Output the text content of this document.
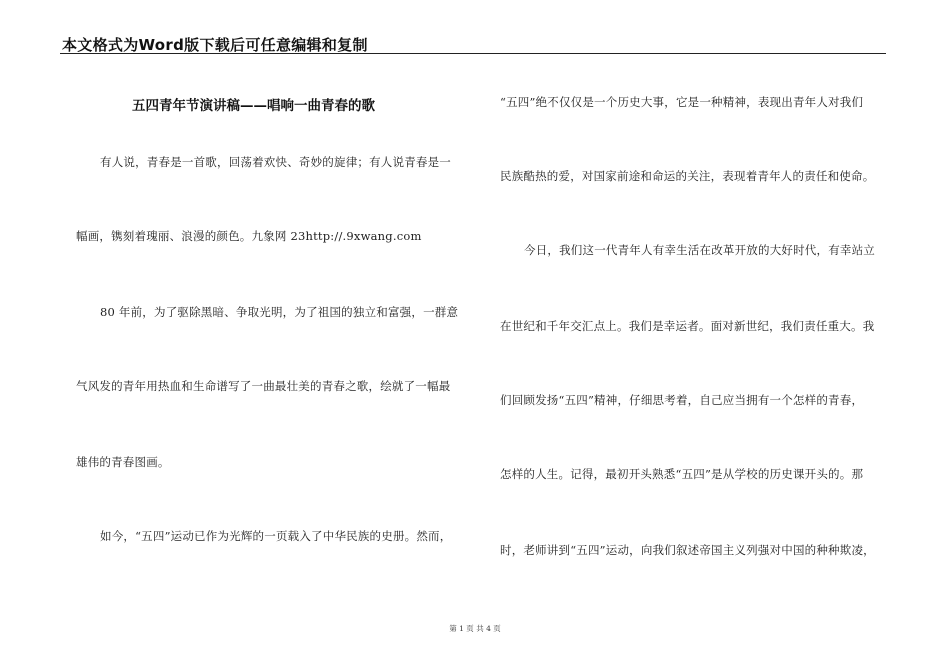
本文格式为Word版下载后可任意编辑和复制
五四青年节演讲稿——唱响一曲青春的歌
有人说，青春是一首歌，回荡着欢快、奇妙的旋律；有人说青春是一
幅画，镌刻着瑰丽、浪漫的颜色。九象网 23http://.9xwang.com
80 年前，为了驱除黑暗、争取光明，为了祖国的独立和富强，一群意
气风发的青年用热血和生命谱写了一曲最壮美的青春之歌，绘就了一幅最
雄伟的青春图画。
如今，“五四”运动已作为光辉的一页载入了中华民族的史册。然而，
“五四”绝不仅仅是一个历史大事，它是一种精神，表现出青年人对我们
民族酷热的爱，对国家前途和命运的关注，表现着青年人的责任和使命。
今日，我们这一代青年人有幸生活在改革开放的大好时代，有幸站立
在世纪和千年交汇点上。我们是幸运者。面对新世纪，我们责任重大。我
们回顾发扬“五四”精神，仔细思考着，自己应当拥有一个怎样的青春，
怎样的人生。记得，最初开头熟悉“五四”是从学校的历史课开头的。那
时，老师讲到“五四”运动，向我们叙述帝国主义列强对中国的种种欺凌，
第 1 页 共 4 页
